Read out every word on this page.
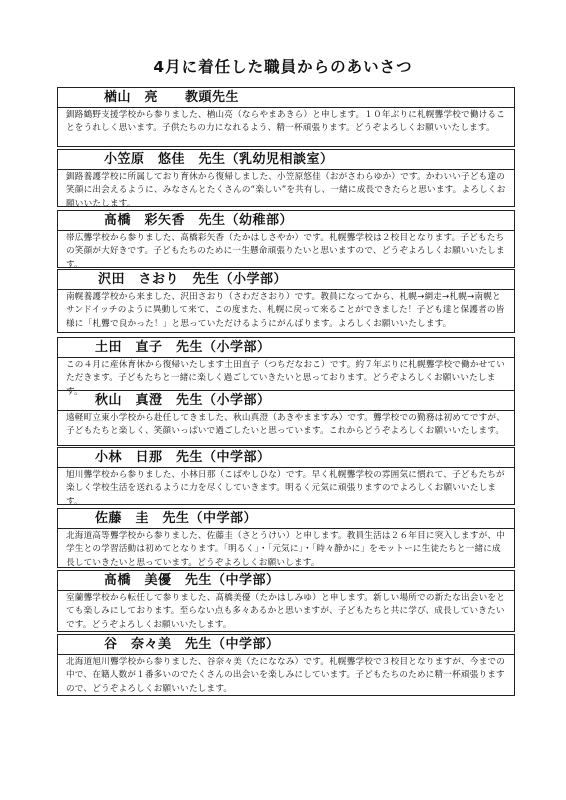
4月に着任した職員からのあいさつ
楢山　亮　　教頭先生
釧路鶴野支援学校から参りました、楢山亮（ならやまあきら）と申します。１０年ぶりに札幌聾学校で働けることをうれしく思います。子供たちの力になれるよう、精一杯頑張ります。どうぞよろしくお願いいたします。
小笠原　悠佳　先生（乳幼児相談室）
釧路養護学校に所属しており育休から復帰しました、小笠原悠佳（おがさわらゆか）です。かわいい子ども達の笑顔に出会えるように、みなさんとたくさんの“楽しい”を共有し、一緒に成長できたらと思います。よろしくお願いいたします。
髙橋　彩矢香　先生（幼稚部）
帯広聾学校から参りました、髙橋彩矢香（たかはしさやか）です。札幌聾学校は２校目となります。子どもたちの笑顔が大好きです。子どもたちのために一生懸命頑張りたいと思いますので、どうぞよろしくお願いいたします。
沢田　さおり　先生（小学部）
南幌養護学校から来ました、沢田さおり（さわださおり）です。教員になってから、札幌→網走→札幌→南幌とサンドイッチのように異動して来て、この度また、札幌に戻って来ることができました！子ども達と保護者の皆様に「札聾で良かった！」と思っていただけるようにがんばります。よろしくお願いいたします。
土田　直子　先生（小学部）
この４月に産休育休から復帰いたします土田直子（つちだなおこ）です。約７年ぶりに札幌聾学校で働かせていただきます。子どもたちと一緒に楽しく過ごしていきたいと思っております。どうぞよろしくお願いいたします。
秋山　真澄　先生（小学部）
遠軽町立東小学校から赴任してきました、秋山真澄（あきやまますみ）です。聾学校での勤務は初めてですが、子どもたちと楽しく、笑顔いっぱいで過ごしたいと思っています。これからどうぞよろしくお願いいたします。
小林　日那　先生（中学部）
旭川聾学校から参りました、小林日那（こばやしひな）です。早く札幌聾学校の雰囲気に慣れて、子どもたちが楽しく学校生活を送れるように力を尽くしていきます。明るく元気に頑張りますのでよろしくお願いいたします。
佐藤　圭　先生（中学部）
北海道高等聾学校から参りました、佐藤圭（さとうけい）と申します。教員生活は２６年目に突入しますが、中学生との学習活動は初めてとなります。「明るく」・「元気に」・「時々静かに」をモットーに生徒たちと一緒に成長していきたいと思っています。どうぞよろしくお願いします。
髙橋　美優　先生（中学部）
室蘭聾学校から転任して参りました、髙橋美優（たかはしみゆ）と申します。新しい場所での新たな出会いをとても楽しみにしております。至らない点も多々あるかと思いますが、子どもたちと共に学び、成長していきたいです。どうぞよろしくお願いいたします。
谷　奈々美　先生（中学部）
北海道旭川聾学校から参りました、谷奈々美（たにななみ）です。札幌聾学校で３校目となりますが、今までの中で、在籍人数が１番多いのでたくさんの出会いを楽しみにしています。子どもたちのために精一杯頑張りますので、どうぞよろしくお願いいたします。
